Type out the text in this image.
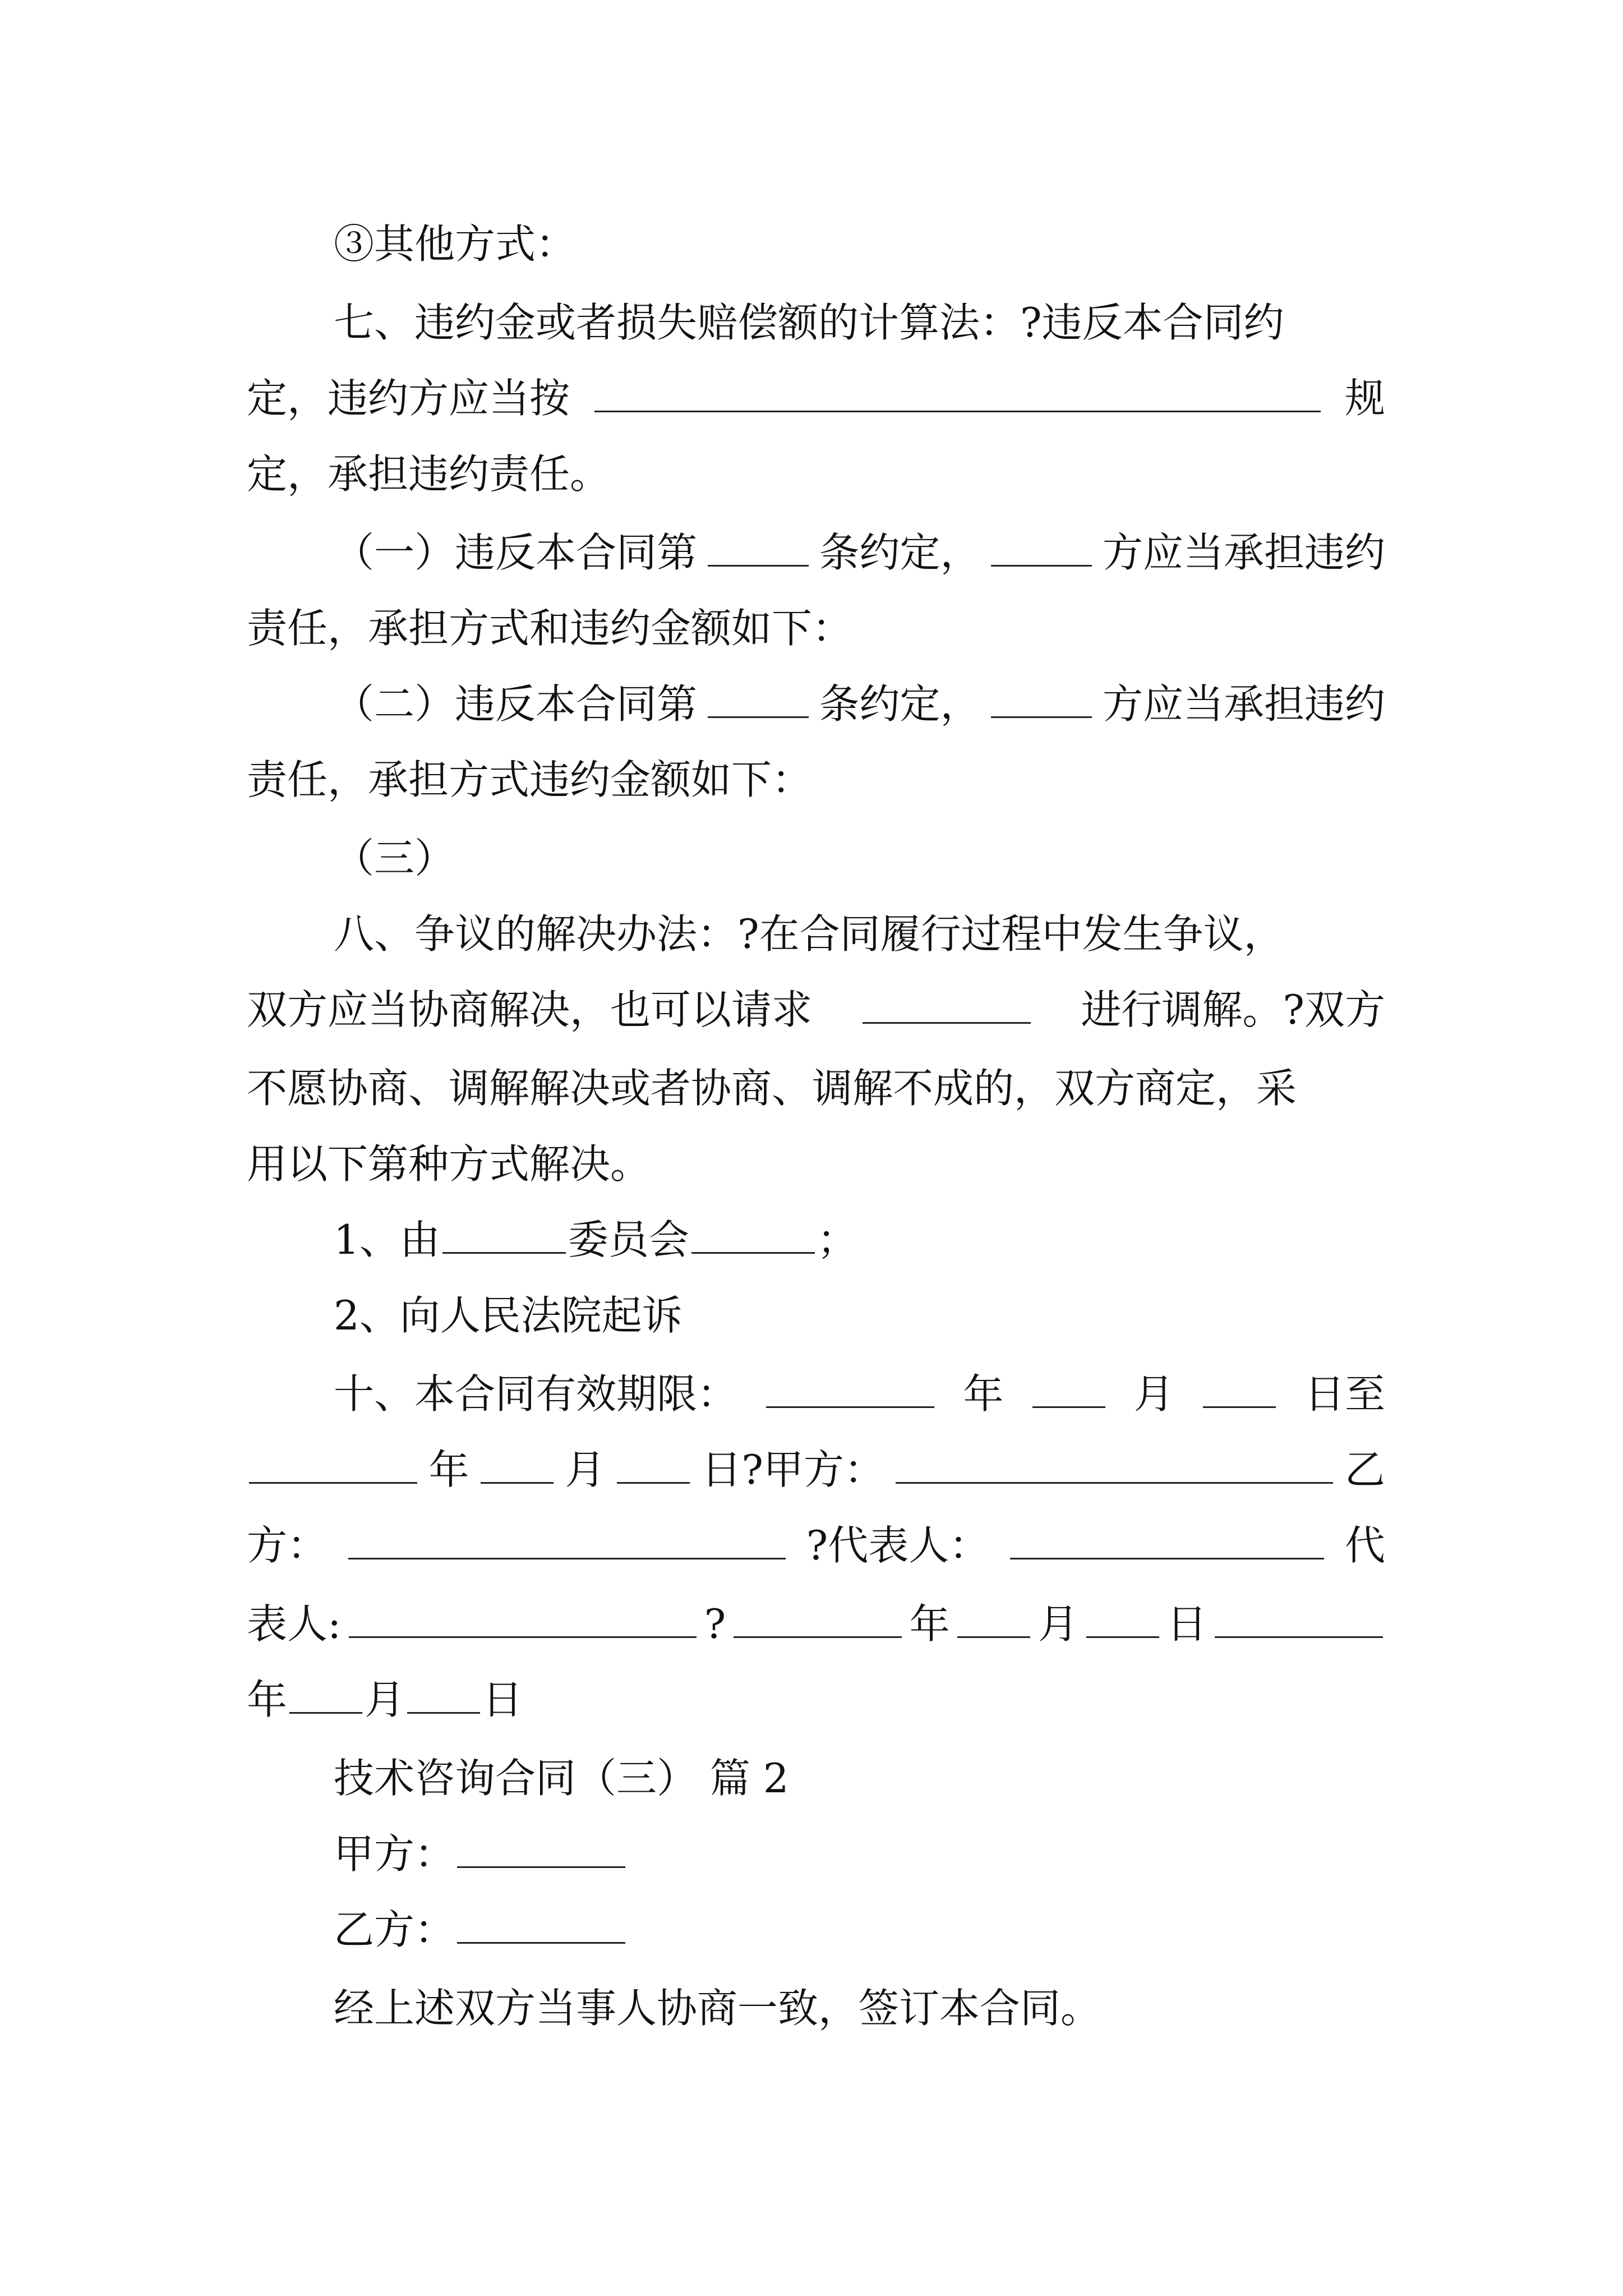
③其他方式：
七、违约金或者损失赔偿额的计算法：?违反本合同约
定，违约方应当按	规
定，承担违约责任。
（一）违反本合同第	条约定，	方应当承担违约
责任，承担方式和违约金额如下：
（二）违反本合同第	条约定，	方应当承担违约
责任，承担方式违约金额如下：
（三）
八、争议的解决办法：?在合同履行过程中发生争议，
双方应当协商解决，也可以请求	进行调解。?双方
不愿协商、调解解决或者协商、调解不成的，双方商定，采
用以下第种方式解决。
1、由	委员会	；
2、向人民法院起诉
十、本合同有效期限：	年	月	日至
年 月 日?甲方：	乙
方：	?代表人：	代
表人:	?	年 月 日
年 月 日
技术咨询合同（三） 篇 2
甲方：
乙方：
经上述双方当事人协商一致，签订本合同。
